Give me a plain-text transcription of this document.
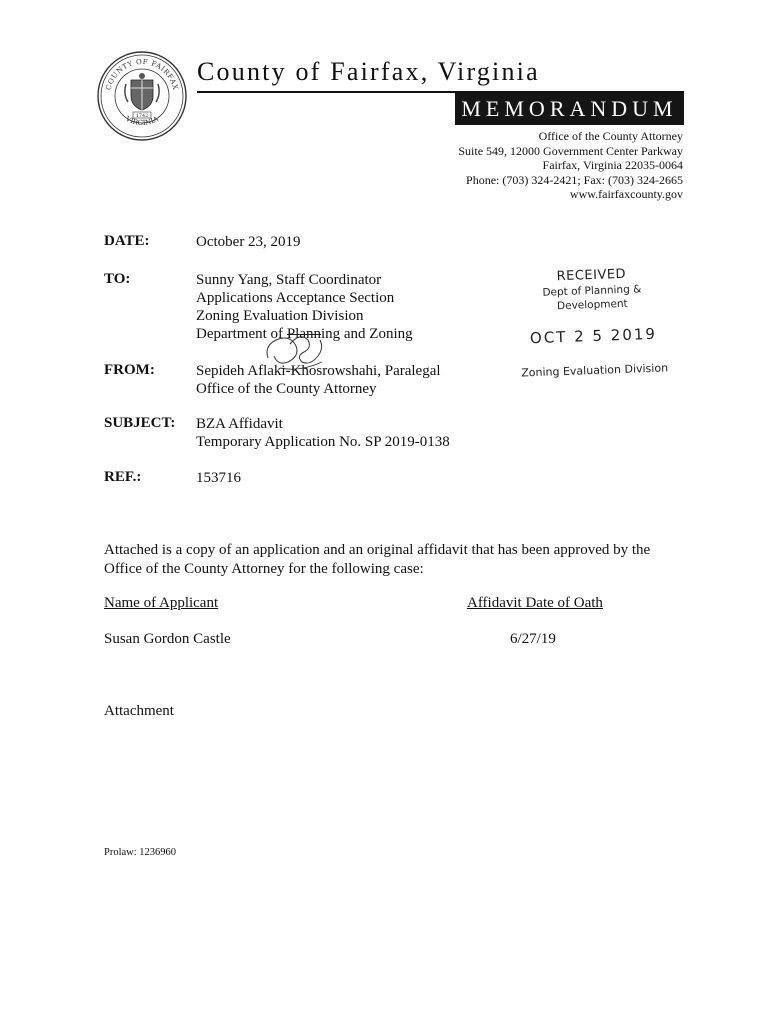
COUNTY OF FAIRFAX
VIRGINIA
1742
County of Fairfax, Virginia
MEMORANDUM
Office of the County Attorney
Suite 549, 12000 Government Center Parkway
Fairfax, Virginia 22035-0064
Phone: (703) 324-2421; Fax: (703) 324-2665
www.fairfaxcounty.gov
DATE:	October 23, 2019
TO:	Sunny Yang, Staff Coordinator
Applications Acceptance Section
Zoning Evaluation Division
Department of Planning and Zoning
FROM:	Sepideh Aflaki-Khosrowshahi, Paralegal
Office of the County Attorney
SUBJECT: BZA Affidavit
Temporary Application No. SP 2019-0138
REF.:	153716
RECEIVED
Dept of Planning & Development
OCT 2 5 2019
Zoning Evaluation Division
Attached is a copy of an application and an original affidavit that has been approved by the Office of the County Attorney for the following case:
Name of Applicant	Affidavit Date of Oath
Susan Gordon Castle	6/27/19
Attachment
Prolaw: 1236960
